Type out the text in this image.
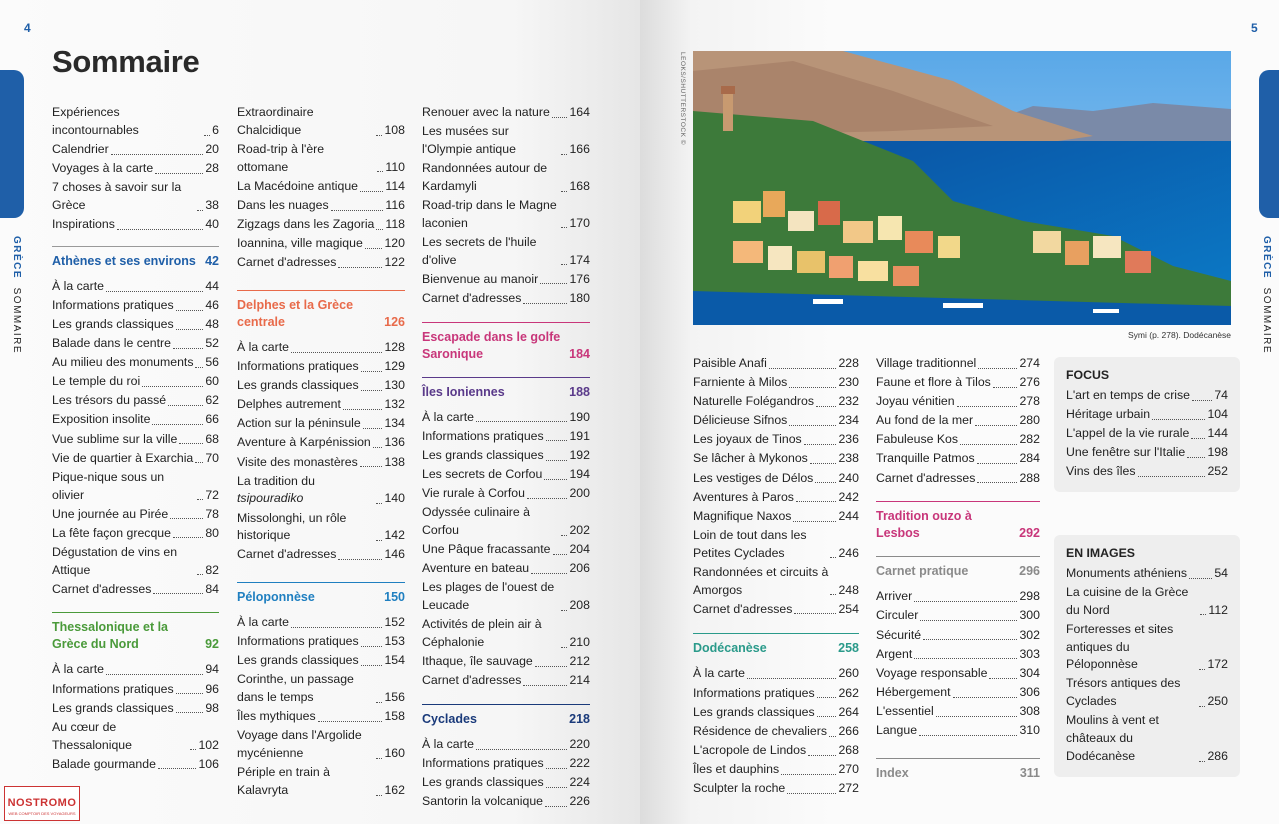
4
GRÈCE  SOMMAIRE
Sommaire
Expériences incontournables	6
Calendrier	20
Voyages à la carte	28
7 choses à savoir sur la Grèce	38
Inspirations	40
Athènes et ses environs 42
À la carte	44
Informations pratiques	46
Les grands classiques	48
Balade dans le centre	52
Au milieu des monuments 56
Le temple du roi	60
Les trésors du passé	62
Exposition insolite	66
Vue sublime sur la ville 68
Vie de quartier à Exarchia 70
Pique-nique sous un olivier	72
Une journée au Pirée	78
La fête façon grecque	80
Dégustation de vins en Attique	82
Carnet d'adresses	84
Thessalonique et la Grèce du Nord	92
À la carte	94
Informations pratiques	96
Les grands classiques	98
Au cœur de Thessalonique	102
Balade gourmande	106
Extraordinaire Chalcidique	108
Road-trip à l'ère ottomane	110
La Macédoine antique 114
Dans les nuages	116
Zigzags dans les Zagoria 118
Ioannina, ville magique 120
Carnet d'adresses	122
Delphes et la Grèce centrale	126
À la carte	128
Informations pratiques 129
Les grands classiques 130
Delphes autrement	132
Action sur la péninsule 134
Aventure à Karpénission 136
Visite des monastères 138
La tradition du tsipouradiko	140
Missolonghi, un rôle historique	142
Carnet d'adresses	146
Péloponnèse	150
À la carte	152
Informations pratiques 153
Les grands classiques 154
Corinthe, un passage dans le temps	156
Îles mythiques	158
Voyage dans l'Argolide mycénienne	160
Périple en train à Kalavryta	162
Renouer avec la nature 164
Les musées sur l'Olympie antique	166
Randonnées autour de Kardamyli	168
Road-trip dans le Magne laconien	170
Les secrets de l'huile d'olive	174
Bienvenue au manoir	176
Carnet d'adresses	180
Escapade dans le golfe Saronique	184
Îles Ioniennes	188
À la carte	190
Informations pratiques 191
Les grands classiques 192
Les secrets de Corfou 194
Vie rurale à Corfou	200
Odyssée culinaire à Corfou	202
Une Pâque fracassante 204
Aventure en bateau	206
Les plages de l'ouest de Leucade	208
Activités de plein air à Céphalonie	210
Ithaque, île sauvage	212
Carnet d'adresses	214
Cyclades	218
À la carte	220
Informations pratiques 222
Les grands classiques 224
Santorin la volcanique 226
NOSTROMO
WEB COMPTOIR DES VOYAGEURS
5
GRÈCE  SOMMAIRE
LEOKS/SHUTTERSTOCK ©
Symi (p. 278). Dodécanèse
Paisible Anafi	228
Farniente à Milos	230
Naturelle Folégandros 232
Délicieuse Sifnos	234
Les joyaux de Tinos	236
Se lâcher à Mykonos 238
Les vestiges de Délos 240
Aventures à Paros	242
Magnifique Naxos	244
Loin de tout dans les Petites Cyclades	246
Randonnées et circuits à Amorgos	248
Carnet d'adresses	254
Dodécanèse	258
À la carte	260
Informations pratiques 262
Les grands classiques 264
Résidence de chevaliers 266
L'acropole de Lindos	268
Îles et dauphins	270
Sculpter la roche	272
Village traditionnel	274
Faune et flore à Tilos 276
Joyau vénitien	278
Au fond de la mer	280
Fabuleuse Kos	282
Tranquille Patmos	284
Carnet d'adresses	288
Tradition ouzo à Lesbos	292
Carnet pratique	296
Arriver	298
Circuler	300
Sécurité	302
Argent	303
Voyage responsable	304
Hébergement	306
L'essentiel	308
Langue	310
Index	311
FOCUS
L'art en temps de crise 74
Héritage urbain	104
L'appel de la vie rurale 144
Une fenêtre sur l'Italie 198
Vins des îles	252
EN IMAGES
Monuments athéniens 54
La cuisine de la Grèce du Nord	112
Forteresses et sites antiques du Péloponnèse	172
Trésors antiques des Cyclades	250
Moulins à vent et châteaux du Dodécanèse	286
